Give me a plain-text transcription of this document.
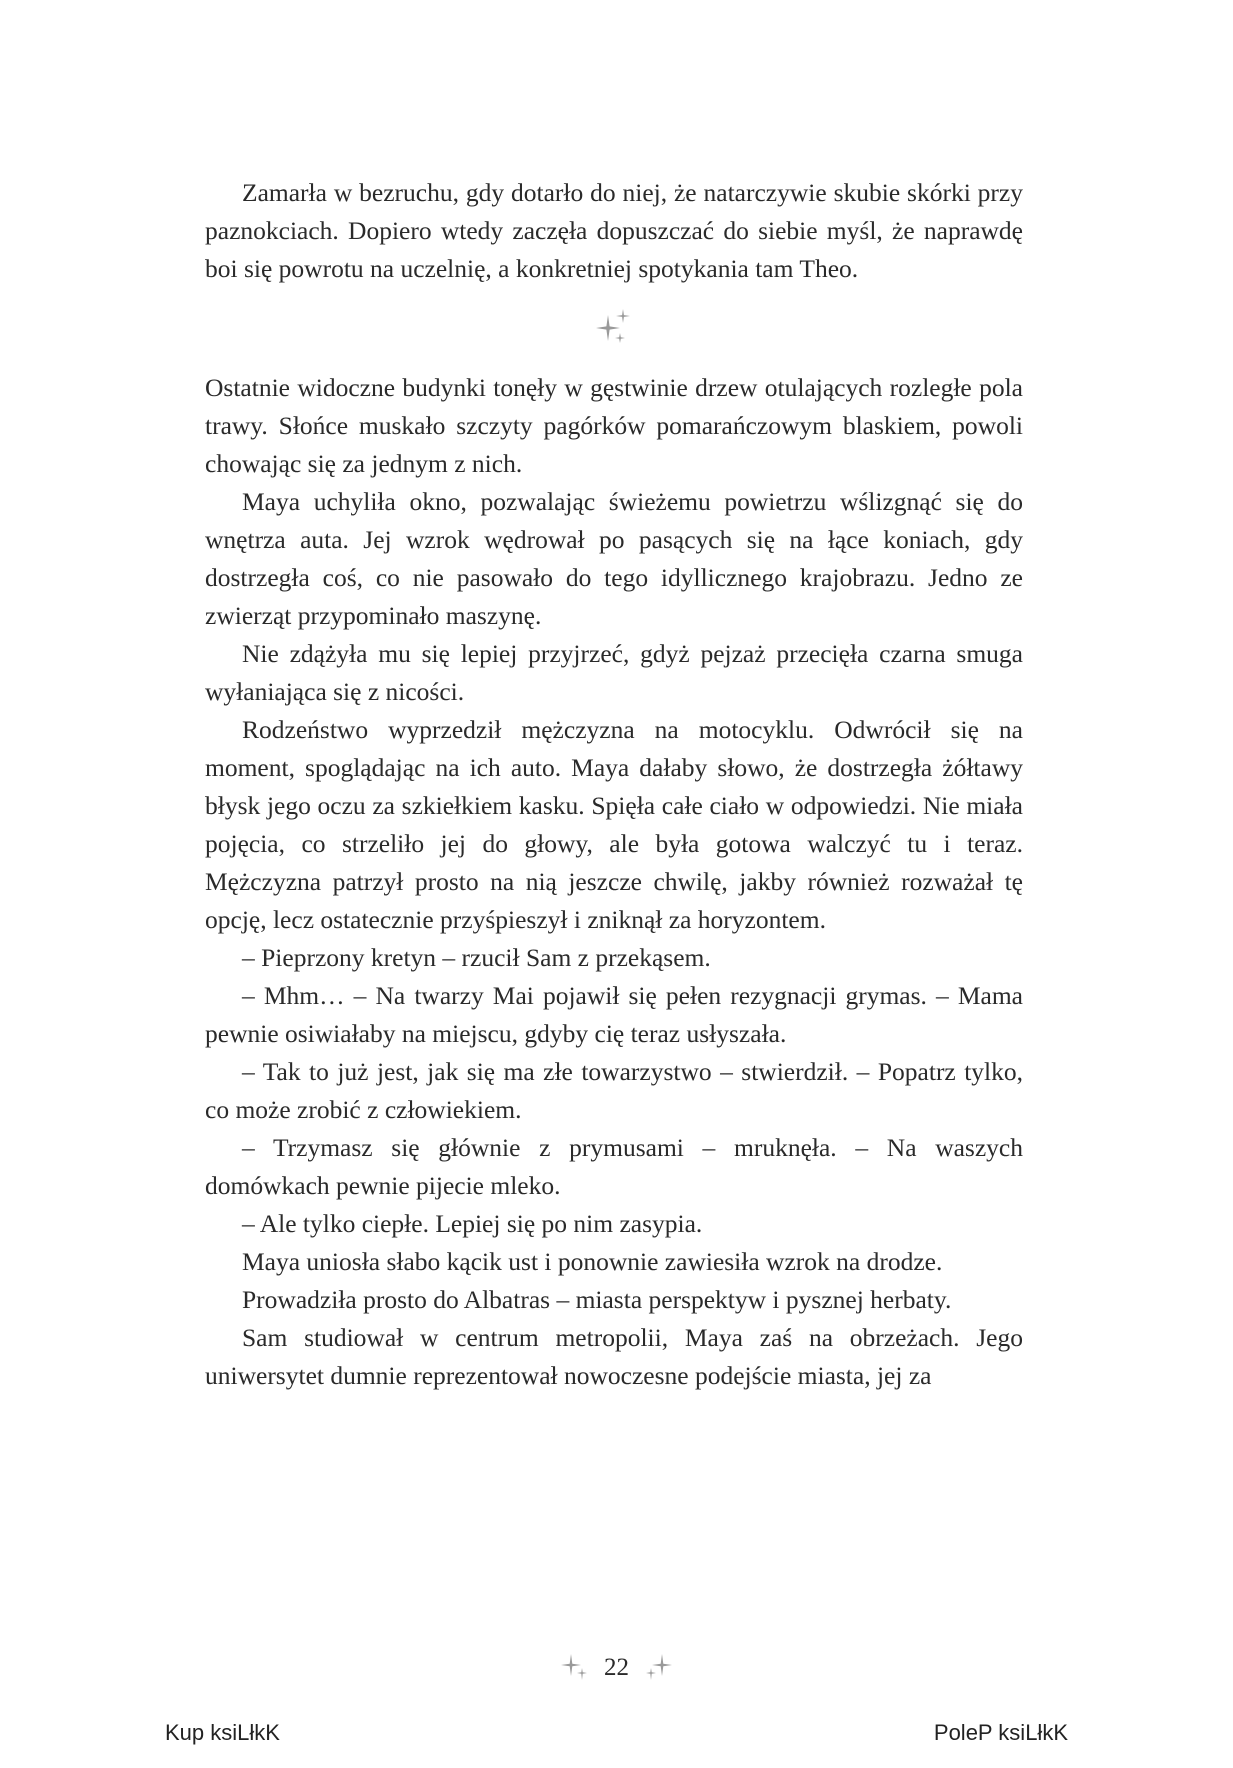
Zamarła w bezruchu, gdy dotarło do niej, że natarczywie skubie skórki przy paznokciach. Dopiero wtedy zaczęła dopuszczać do siebie myśl, że naprawdę boi się powrotu na uczelnię, a konkretniej spotykania tam Theo.

Ostatnie widoczne budynki tonęły w gęstwinie drzew otulających rozległe pola trawy. Słońce muskało szczyty pagórków pomarańczowym blaskiem, powoli chowając się za jednym z nich.

Maya uchyliła okno, pozwalając świeżemu powietrzu wślizgnąć się do wnętrza auta. Jej wzrok wędrował po pasących się na łące koniach, gdy dostrzegła coś, co nie pasowało do tego idyllicznego krajobrazu. Jedno ze zwierząt przypominało maszynę.

Nie zdążyła mu się lepiej przyjrzeć, gdyż pejzaż przecięła czarna smuga wyłaniająca się z nicości.

Rodzeństwo wyprzedził mężczyzna na motocyklu. Odwrócił się na moment, spoglądając na ich auto. Maya dałaby słowo, że dostrzegła żółtawy błysk jego oczu za szkiełkiem kasku. Spięła całe ciało w odpowiedzi. Nie miała pojęcia, co strzeliło jej do głowy, ale była gotowa walczyć tu i teraz. Mężczyzna patrzył prosto na nią jeszcze chwilę, jakby również rozważał tę opcję, lecz ostatecznie przyśpieszył i zniknął za horyzontem.

– Pieprzony kretyn – rzucił Sam z przekąsem.

– Mhm… – Na twarzy Mai pojawił się pełen rezygnacji grymas. – Mama pewnie osiwiałaby na miejscu, gdyby cię teraz usłyszała.

– Tak to już jest, jak się ma złe towarzystwo – stwierdził. – Popatrz tylko, co może zrobić z człowiekiem.

– Trzymasz się głównie z prymusami – mruknęła. – Na waszych domówkach pewnie pijecie mleko.

– Ale tylko ciepłe. Lepiej się po nim zasypia.

Maya uniosła słabo kącik ust i ponownie zawiesiła wzrok na drodze.

Prowadziła prosto do Albatras – miasta perspektyw i pysznej herbaty.

Sam studiował w centrum metropolii, Maya zaś na obrzeżach. Jego uniwersytet dumnie reprezentował nowoczesne podejście miasta, jej za

22
Kup ksiLłkK	PoleP ksiLłkK
